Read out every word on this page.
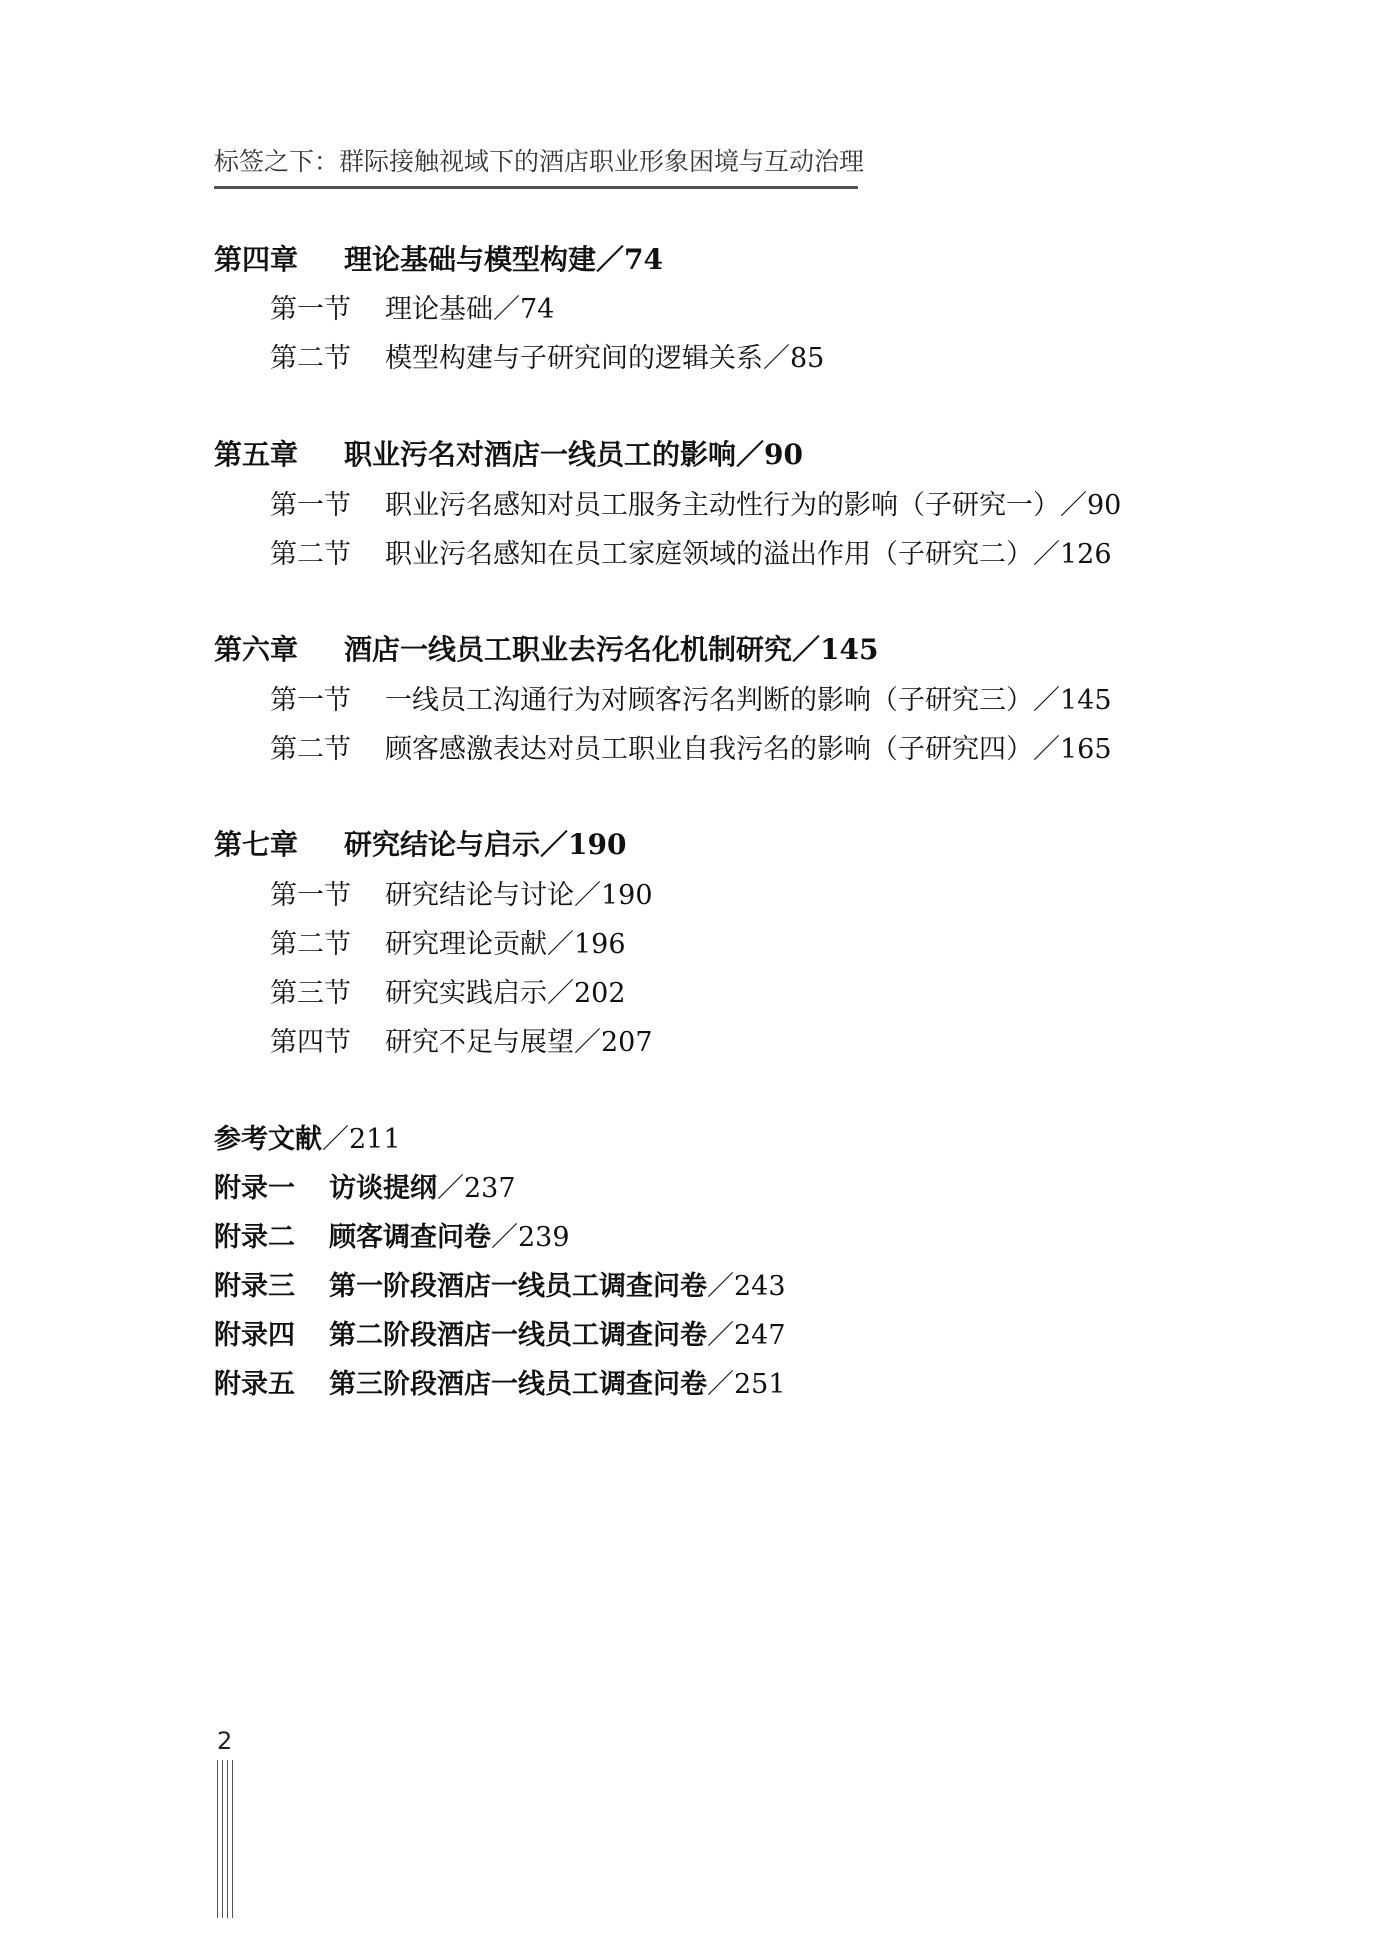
标签之下：群际接触视域下的酒店职业形象困境与互动治理
第四章 理论基础与模型构建／74
第一节 理论基础／74
第二节 模型构建与子研究间的逻辑关系／85
第五章 职业污名对酒店一线员工的影响／90
第一节 职业污名感知对员工服务主动性行为的影响（子研究一）／90
第二节 职业污名感知在员工家庭领域的溢出作用（子研究二）／126
第六章 酒店一线员工职业去污名化机制研究／145
第一节 一线员工沟通行为对顾客污名判断的影响（子研究三）／145
第二节 顾客感激表达对员工职业自我污名的影响（子研究四）／165
第七章 研究结论与启示／190
第一节 研究结论与讨论／190
第二节 研究理论贡献／196
第三节 研究实践启示／202
第四节 研究不足与展望／207
参考文献／211
附录一 访谈提纲／237
附录二 顾客调查问卷／239
附录三 第一阶段酒店一线员工调查问卷／243
附录四 第二阶段酒店一线员工调查问卷／247
附录五 第三阶段酒店一线员工调查问卷／251
2
